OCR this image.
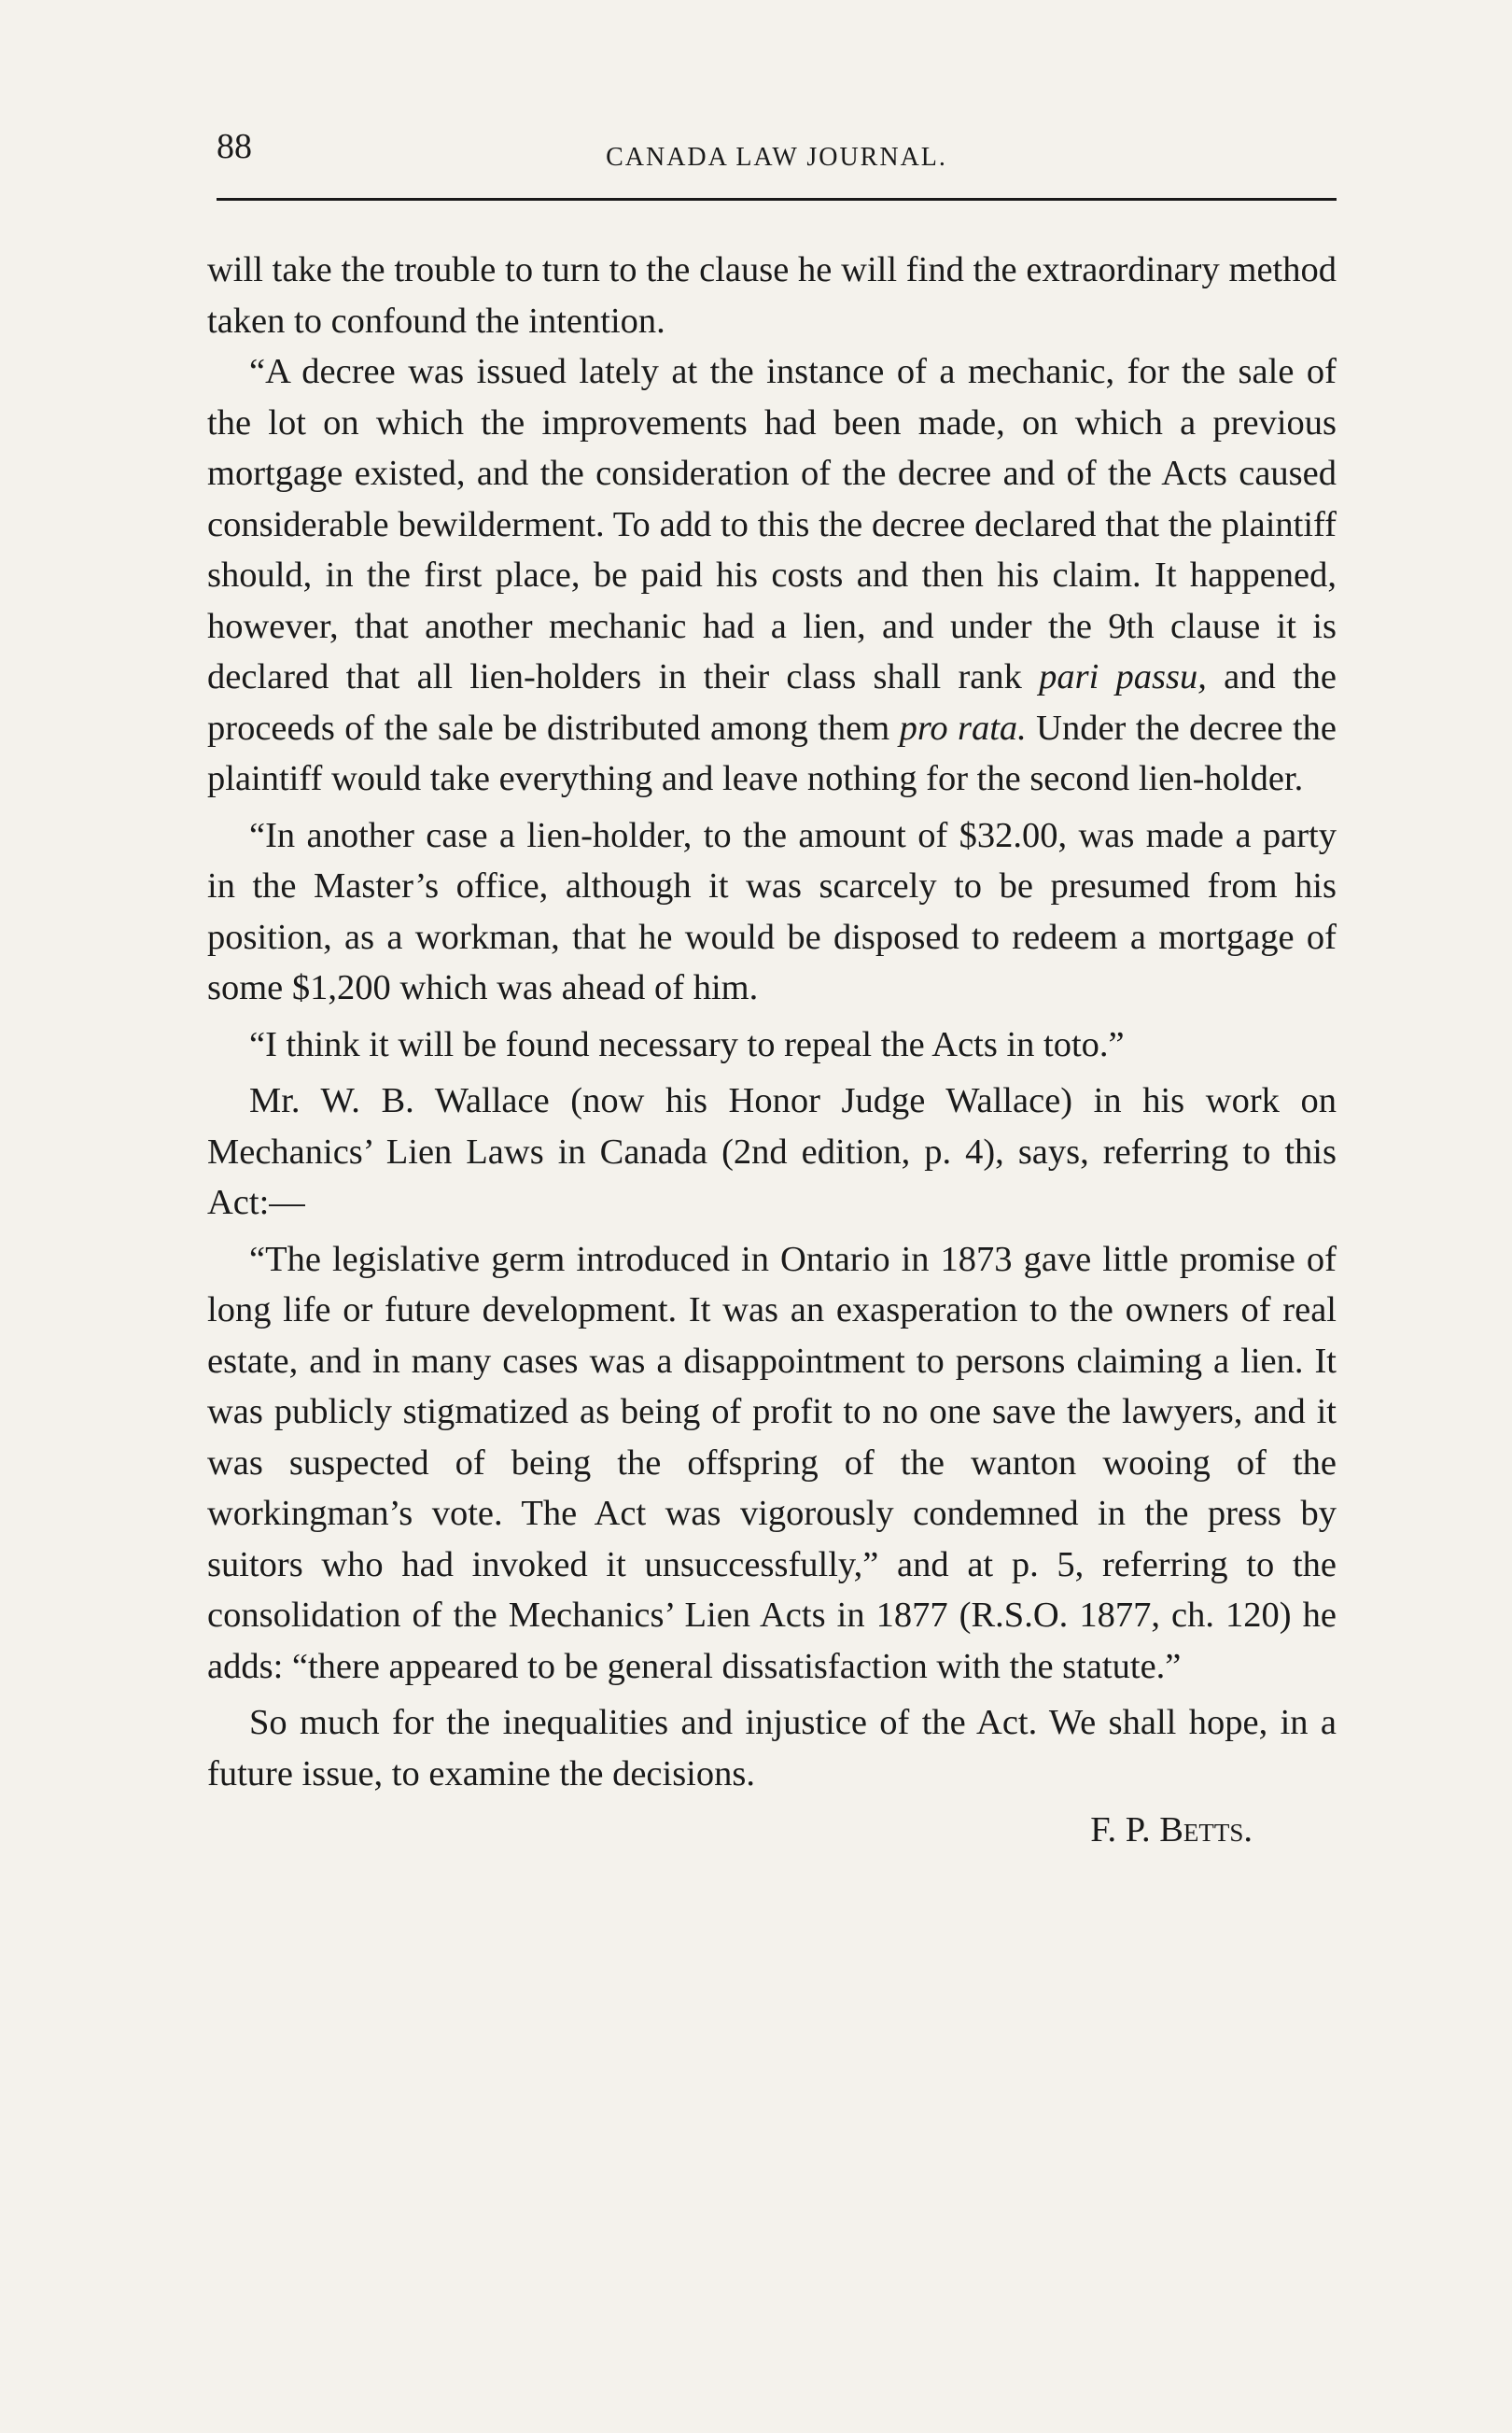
88	CANADA LAW JOURNAL.

will take the trouble to turn to the clause he will find the extraordinary method taken to confound the intention.

“A decree was issued lately at the instance of a mechanic, for the sale of the lot on which the improvements had been made, on which a previous mortgage existed, and the consideration of the decree and of the Acts caused considerable bewilderment. To add to this the decree declared that the plaintiff should, in the first place, be paid his costs and then his claim. It happened, however, that another mechanic had a lien, and under the 9th clause it is declared that all lien-holders in their class shall rank pari passu, and the proceeds of the sale be distributed among them pro rata. Under the decree the plaintiff would take everything and leave nothing for the second lien-holder.

“In another case a lien-holder, to the amount of $32.00, was made a party in the Master’s office, although it was scarcely to be presumed from his position, as a workman, that he would be disposed to redeem a mortgage of some $1,200 which was ahead of him.

“I think it will be found necessary to repeal the Acts in toto.”

Mr. W. B. Wallace (now his Honor Judge Wallace) in his work on Mechanics’ Lien Laws in Canada (2nd edition, p. 4), says, referring to this Act:—

“The legislative germ introduced in Ontario in 1873 gave little promise of long life or future development. It was an exasperation to the owners of real estate, and in many cases was a disappointment to persons claiming a lien. It was publicly stigmatized as being of profit to no one save the lawyers, and it was suspected of being the offspring of the wanton wooing of the workingman’s vote. The Act was vigorously condemned in the press by suitors who had invoked it unsuccessfully,” and at p. 5, referring to the consolidation of the Mechanics’ Lien Acts in 1877 (R.S.O. 1877, ch. 120) he adds: “there appeared to be general dissatisfaction with the statute.”

So much for the inequalities and injustice of the Act. We shall hope, in a future issue, to examine the decisions.

F. P. Betts.
